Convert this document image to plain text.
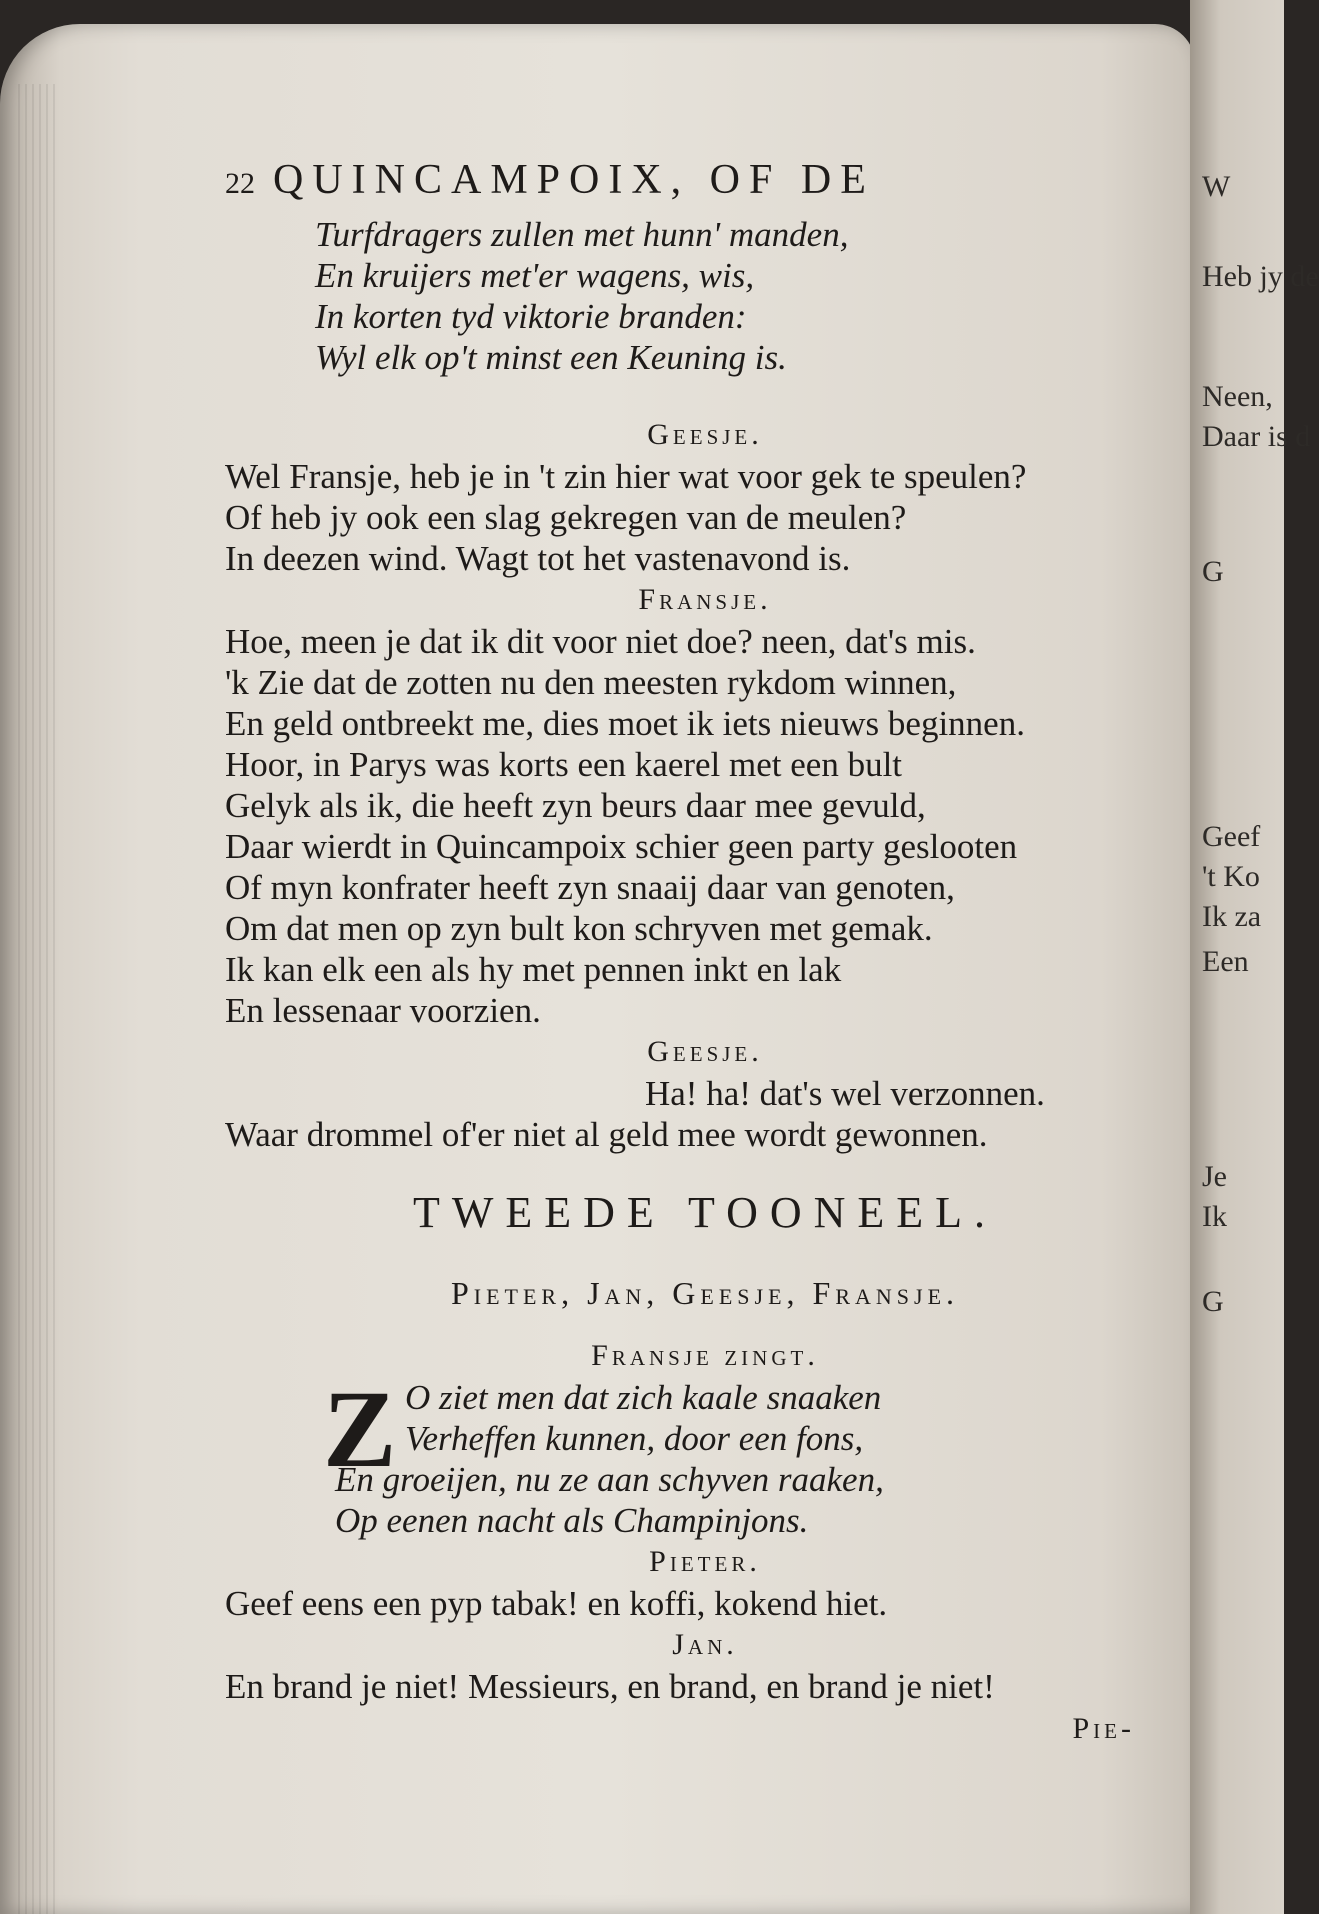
W
Heb jy de
Neen,
Daar is d
G
Geef
't Ko
Ik za
Een
Je
Ik
G
22 QUINCAMPOIX, OF DE
Turfdragers zullen met hunn' manden,
En kruijers met'er wagens, wis,
In korten tyd viktorie branden:
Wyl elk op't minst een Keuning is.
Geesje.
Wel Fransje, heb je in 't zin hier wat voor gek te speulen?
Of heb jy ook een slag gekregen van de meulen?
In deezen wind. Wagt tot het vastenavond is.
Fransje.
Hoe, meen je dat ik dit voor niet doe? neen, dat's mis.
'k Zie dat de zotten nu den meesten rykdom winnen,
En geld ontbreekt me, dies moet ik iets nieuws beginnen.
Hoor, in Parys was korts een kaerel met een bult
Gelyk als ik, die heeft zyn beurs daar mee gevuld,
Daar wierdt in Quincampoix schier geen party geslooten
Of myn konfrater heeft zyn snaaij daar van genoten,
Om dat men op zyn bult kon schryven met gemak.
Ik kan elk een als hy met pennen inkt en lak
En lessenaar voorzien.
Geesje.
Ha! ha! dat's wel verzonnen.
Waar drommel of'er niet al geld mee wordt gewonnen.
TWEEDE TOONEEL.
Pieter, Jan, Geesje, Fransje.
Fransje zingt.
Z O ziet men dat zich kaale snaaken
Verheffen kunnen, door een fons,
En groeijen, nu ze aan schyven raaken,
Op eenen nacht als Champinjons.
Pieter.
Geef eens een pyp tabak! en koffi, kokend hiet.
Jan.
En brand je niet! Messieurs, en brand, en brand je niet!
Pie-
